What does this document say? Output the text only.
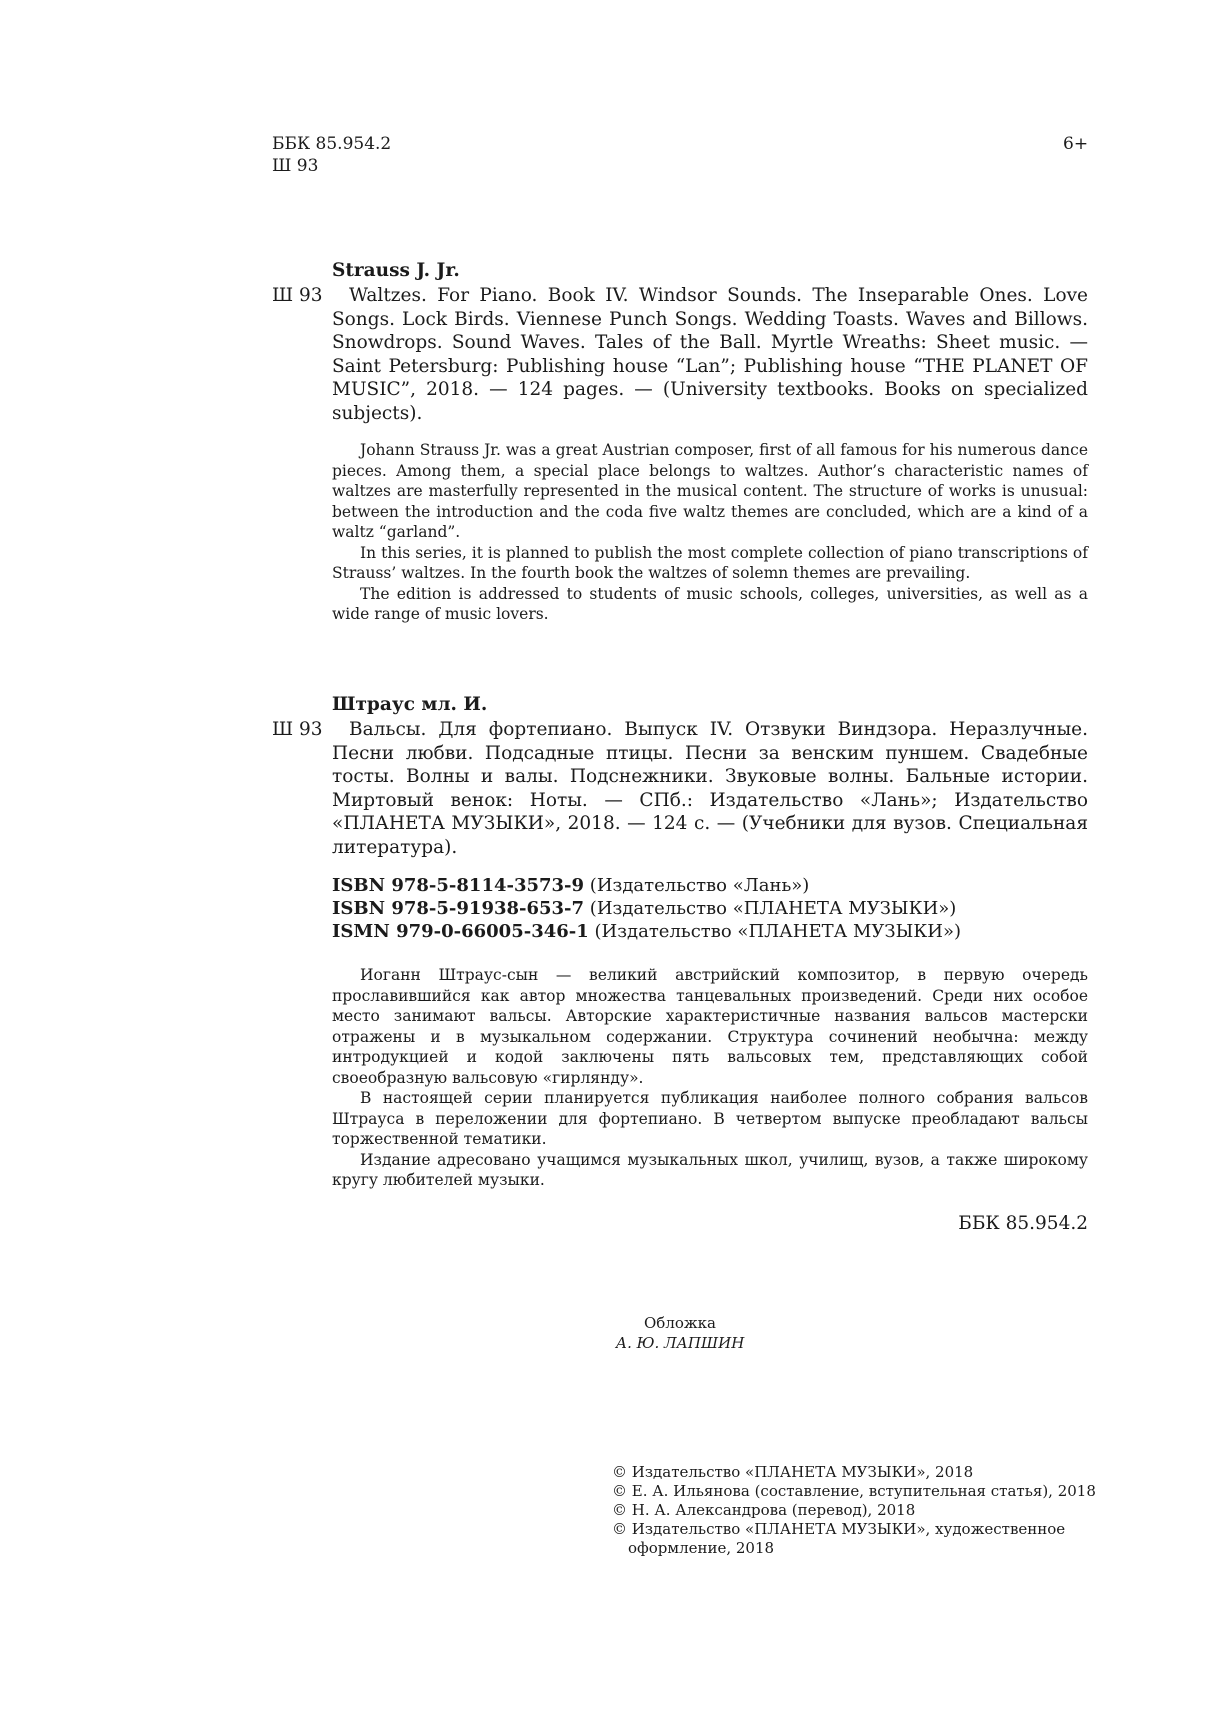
ББК 85.954.2
Ш 93
6+
Strauss J. Jr.
Ш 93	Waltzes. For Piano. Book IV. Windsor Sounds. The Inseparable Ones. Love Songs. Lock Birds. Viennese Punch Songs. Wedding Toasts. Waves and Billows. Snowdrops. Sound Waves. Tales of the Ball. Myrtle Wreaths: Sheet music. — Saint Petersburg: Publishing house “Lan”; Publishing house “THE PLANET OF MUSIC”, 2018. — 124 pages. — (University textbooks. Books on specialized subjects).

Johann Strauss Jr. was a great Austrian composer, first of all famous for his numerous dance pieces. Among them, a special place belongs to waltzes. Author’s characteristic names of waltzes are masterfully represented in the musical content. The structure of works is unusual: between the introduction and the coda five waltz themes are concluded, which are a kind of a waltz “garland”.

In this series, it is planned to publish the most complete collection of piano transcriptions of Strauss’ waltzes. In the fourth book the waltzes of solemn themes are prevailing.

The edition is addressed to students of music schools, colleges, universities, as well as a wide range of music lovers.

Штраус мл. И.
Ш 93	Вальсы. Для фортепиано. Выпуск IV. Отзвуки Виндзора. Неразлучные. Песни любви. Подсадные птицы. Песни за венским пуншем. Свадебные тосты. Волны и валы. Подснежники. Звуковые волны. Бальные истории. Миртовый венок: Ноты. — СПб.: Издательство «Лань»; Издательство «ПЛАНЕТА МУЗЫКИ», 2018. — 124 с. — (Учебники для вузов. Специальная литература).
ISBN 978-5-8114-3573-9 (Издательство «Лань»)
ISBN 978-5-91938-653-7 (Издательство «ПЛАНЕТА МУЗЫКИ»)
ISMN 979-0-66005-346-1 (Издательство «ПЛАНЕТА МУЗЫКИ»)

Иоганн Штраус-сын — великий австрийский композитор, в первую очередь прославившийся как автор множества танцевальных произведений. Среди них особое место занимают вальсы. Авторские характеристичные названия вальсов мастерски отражены и в музыкальном содержании. Структура сочинений необычна: между интродукцией и кодой заключены пять вальсовых тем, представляющих собой своеобразную вальсовую «гирлянду».

В настоящей серии планируется публикация наиболее полного собрания вальсов Штрауса в переложении для фортепиано. В четвертом выпуске преобладают вальсы торжественной тематики.

Издание адресовано учащимся музыкальных школ, училищ, вузов, а также широкому кругу любителей музыки.

ББК 85.954.2
Обложка
А. Ю. ЛАПШИН
© Издательство «ПЛАНЕТА МУЗЫКИ», 2018
© Е. А. Ильянова (составление, вступительная статья), 2018
© Н. А. Александрова (перевод), 2018
© Издательство «ПЛАНЕТА МУЗЫКИ», художественное
оформление, 2018
